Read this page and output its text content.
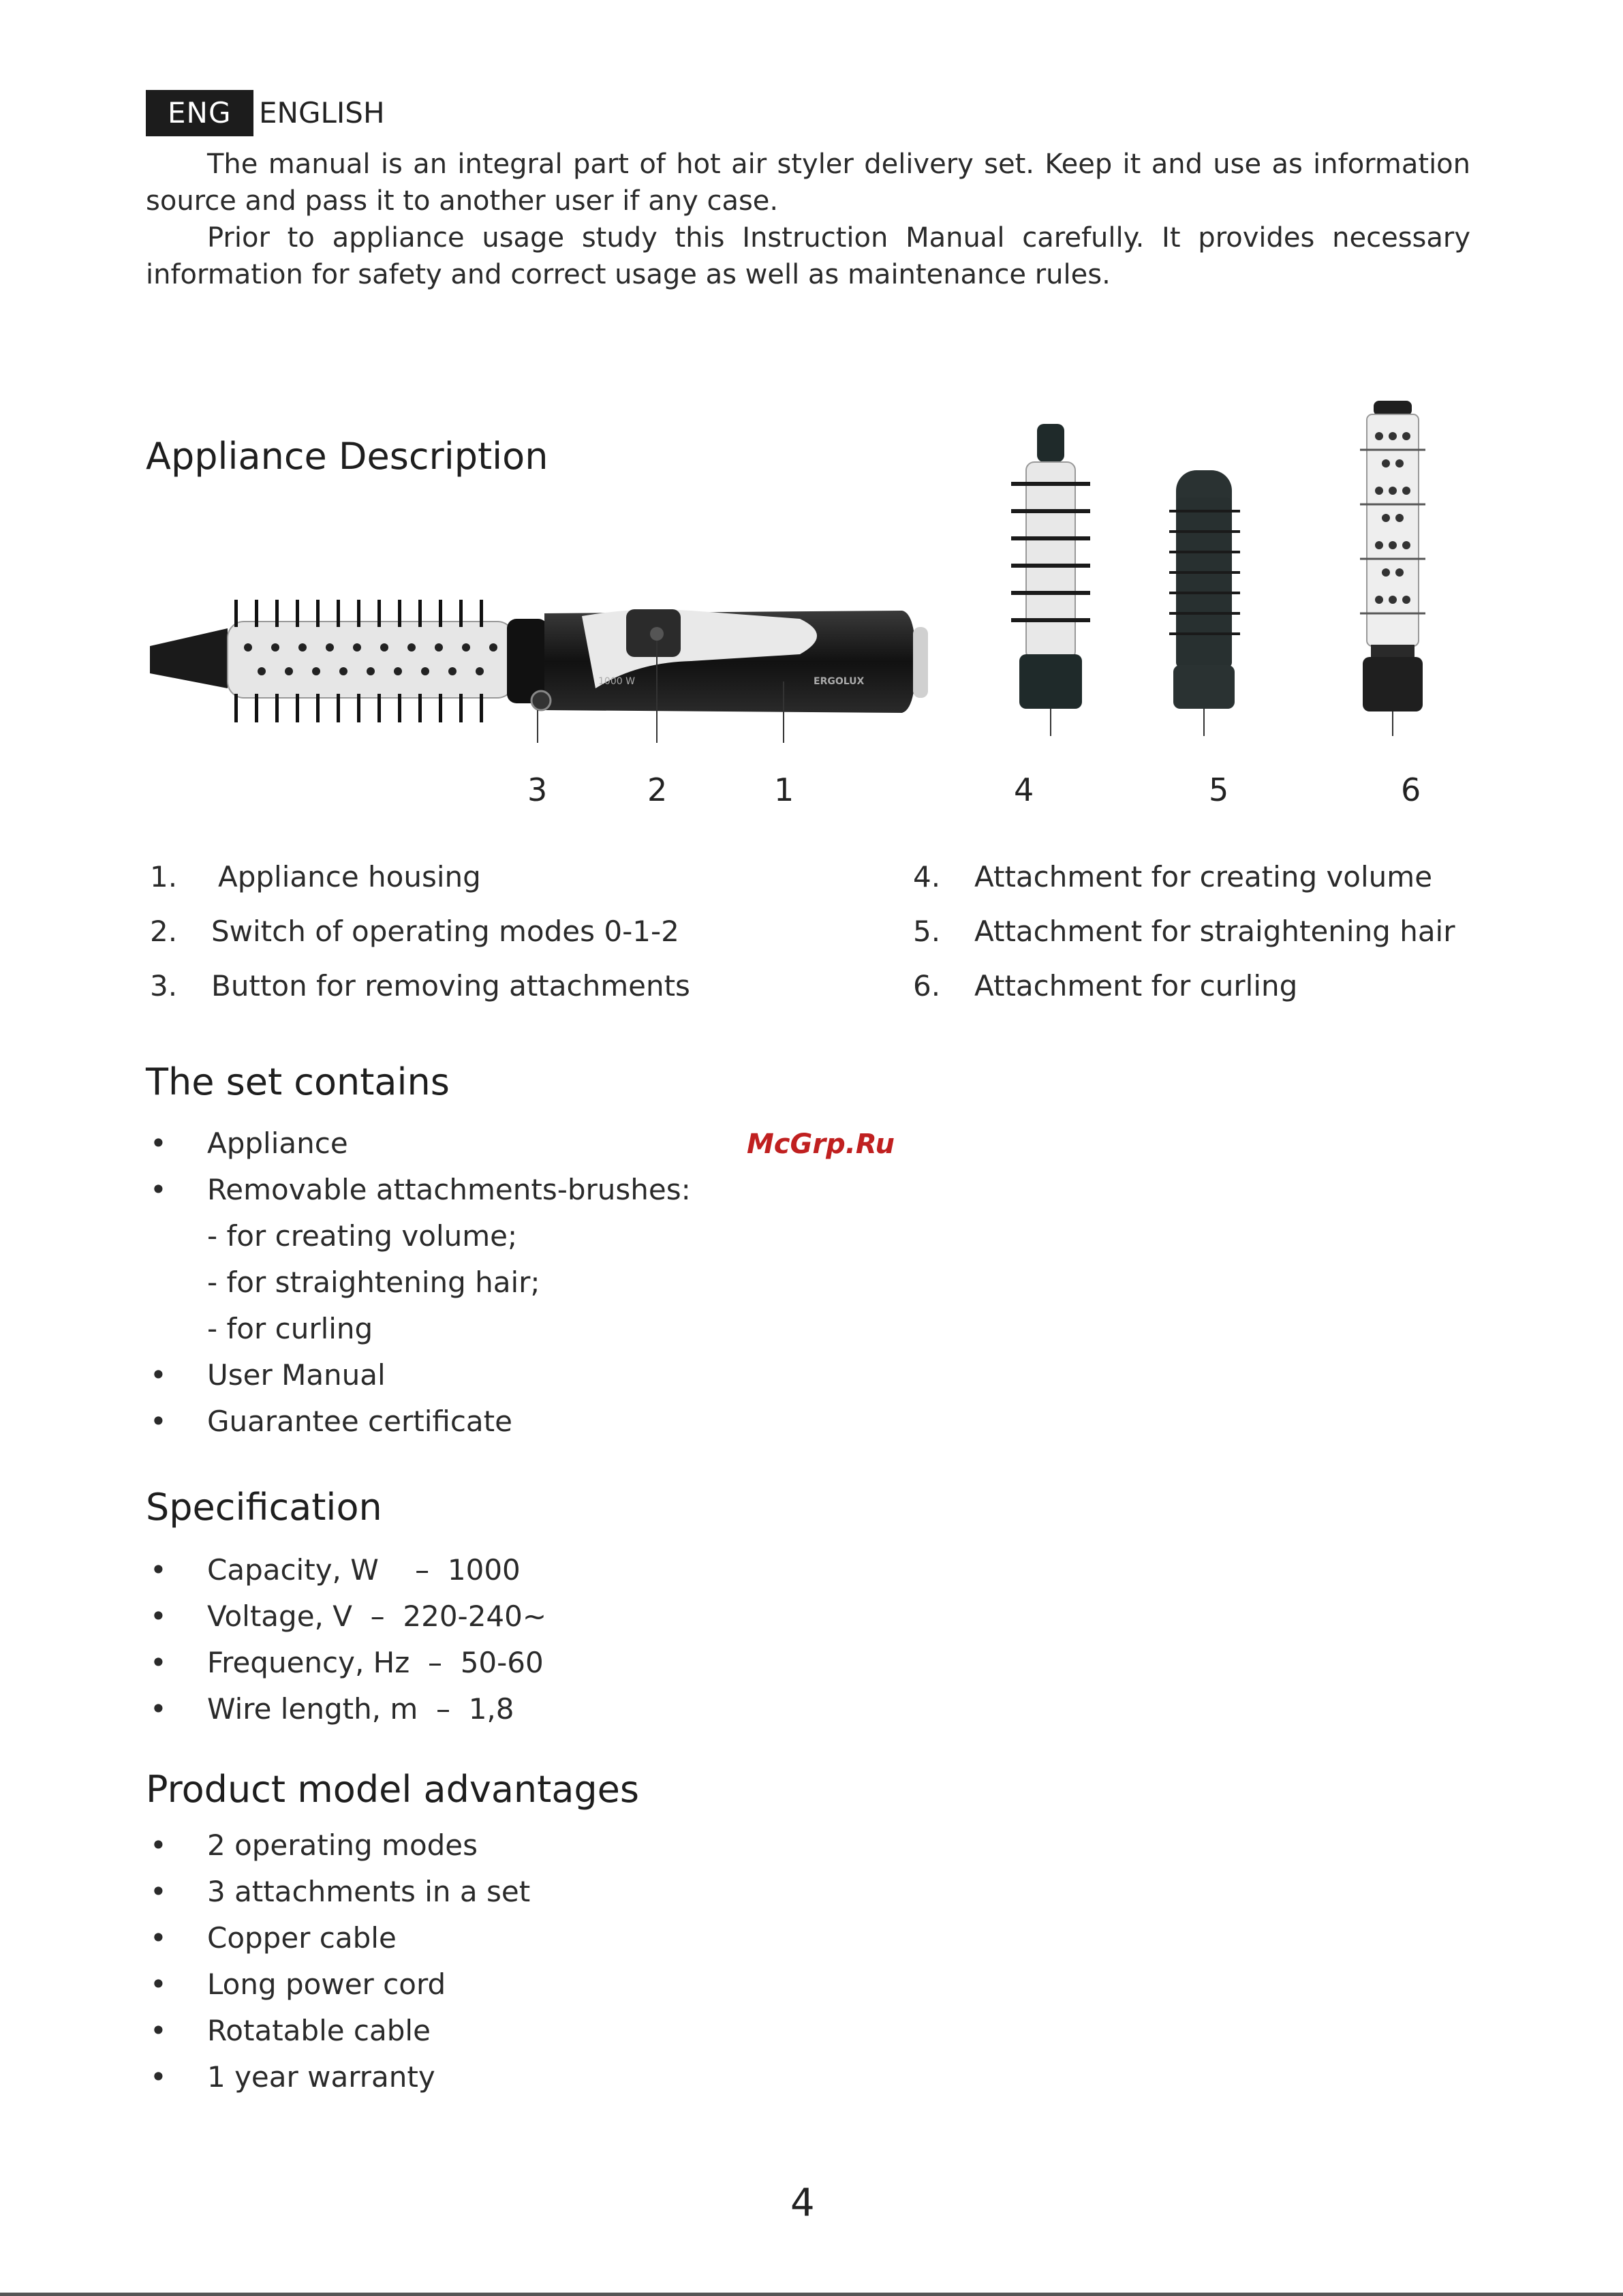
ENG ENGLISH

The manual is an integral part of hot air styler delivery set. Keep it and use as information source and pass it to another user if any case.

Prior to appliance usage study this Instruction Manual carefully. It provides necessary information for safety and correct usage as well as maintenance rules.

Appliance Description
1000 W	ERGOLUX
3	2	1	4	5	6
1. Appliance housing
2. Switch of operating modes 0-1-2
3. Button for removing attachments
4. Attachment for creating volume
5. Attachment for straightening hair
6. Attachment for curling
The set contains
• Appliance
• Removable attachments-brushes:
- for creating volume;
- for straightening hair;
- for curling
• User Manual
• Guarantee certificate
McGrp.Ru
Specification
• Capacity, W    –  1000
• Voltage, V  –  220-240~
• Frequency, Hz  –  50-60
• Wire length, m  –  1,8
Product model advantages
• 2 operating modes
• 3 attachments in a set
• Copper cable
• Long power cord
• Rotatable cable
• 1 year warranty
4
